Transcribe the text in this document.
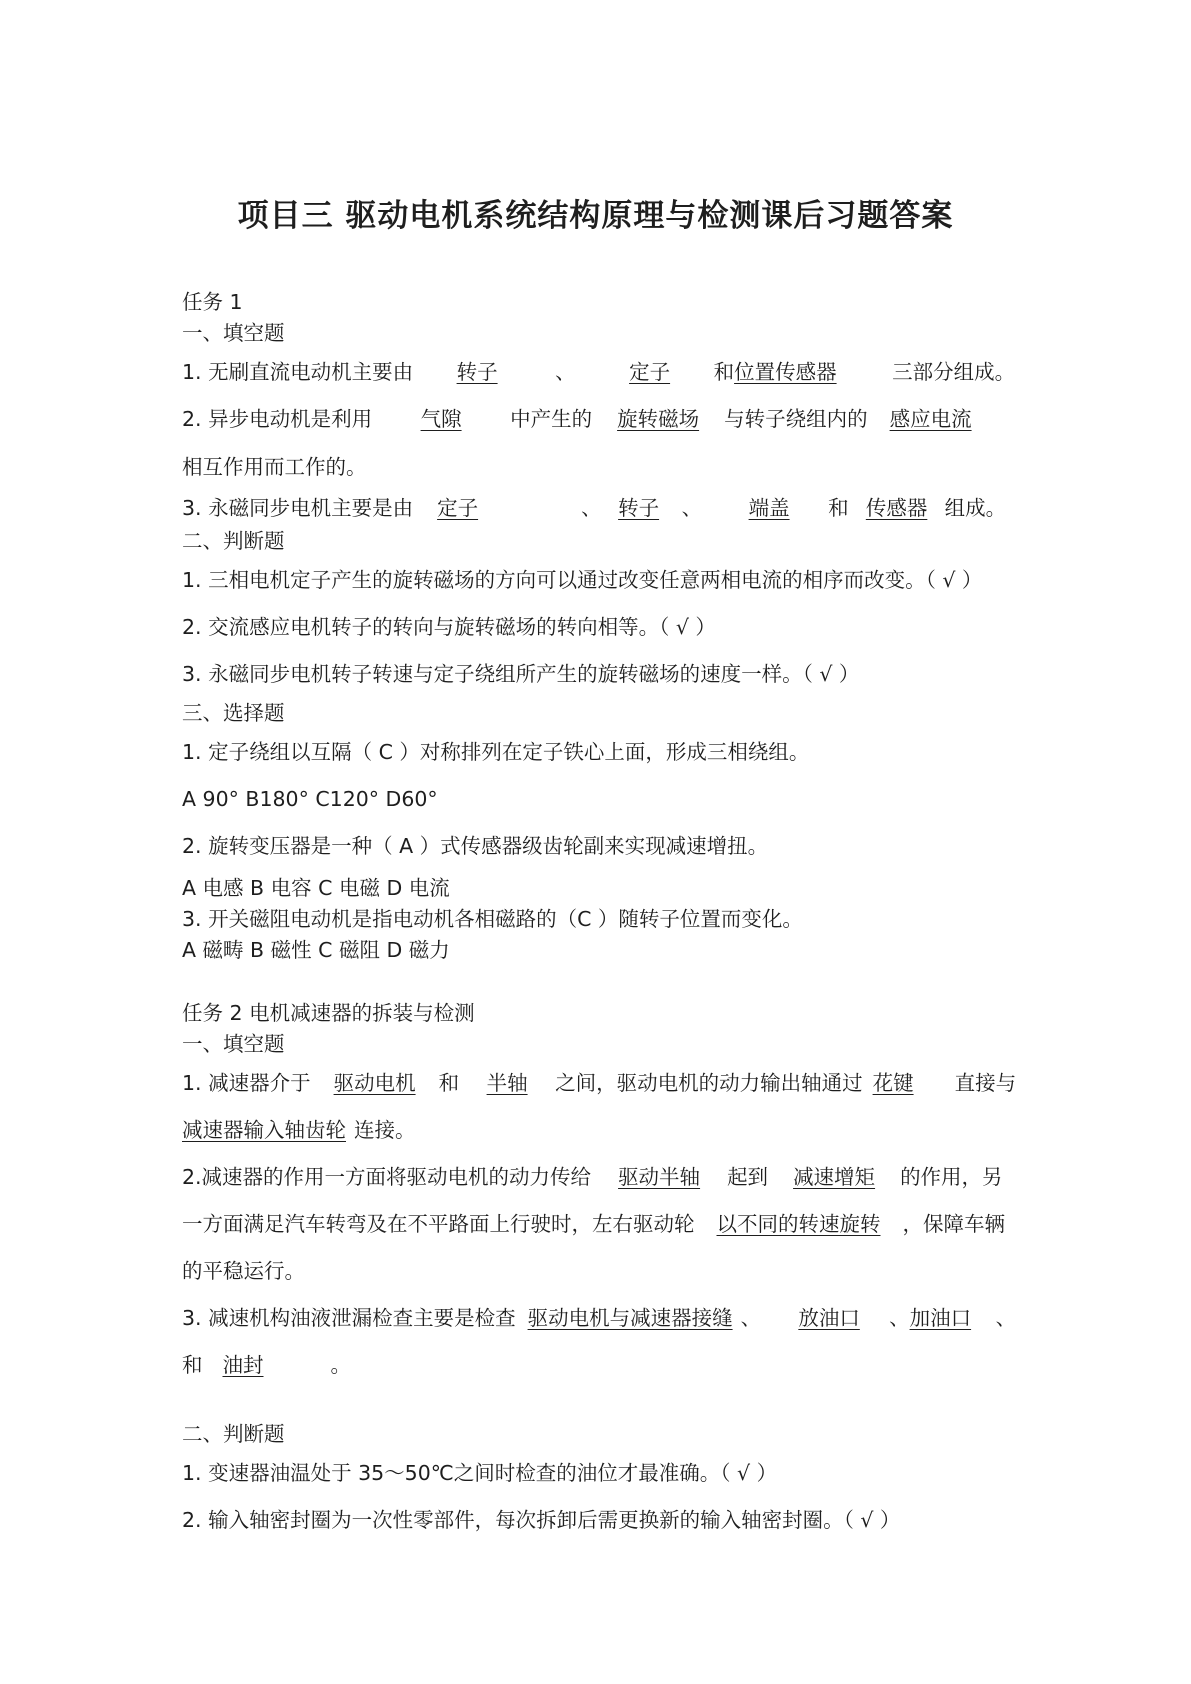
项目三 驱动电机系统结构原理与检测课后习题答案
任务 1
一、填空题
1. 无刷直流电动机主要由 转子	、	定子 和位置传感器	三部分组成。
2. 异步电动机是利用 气隙 中产生的 旋转磁场 与转子绕组内的 感应电流
相互作用而工作的。
3. 永磁同步电机主要是由 定子	、 转子 、 端盖 和 传感器 组成。
二、判断题
1. 三相电机定子产生的旋转磁场的方向可以通过改变任意两相电流的相序而改变。（ √ ）
2. 交流感应电机转子的转向与旋转磁场的转向相等。（ √ ）
3. 永磁同步电机转子转速与定子绕组所产生的旋转磁场的速度一样。（ √ ）
三、选择题
1. 定子绕组以互隔（ C ）对称排列在定子铁心上面，形成三相绕组。
A 90° B180° C120° D60°
2. 旋转变压器是一种（ A ）式传感器级齿轮副来实现减速增扭。
A 电感 B 电容 C 电磁 D 电流
3. 开关磁阻电动机是指电动机各相磁路的（C ）随转子位置而变化。
A 磁畴 B 磁性 C 磁阻 D 磁力
任务 2 电机减速器的拆装与检测
一、填空题
1. 减速器介于 驱动电机 和 半轴 之间，驱动电机的动力输出轴通过 花键 直接与
减速器输入轴齿轮 连接。
2.减速器的作用一方面将驱动电机的动力传给 驱动半轴 起到 减速增矩 的作用，另
一方面满足汽车转弯及在不平路面上行驶时，左右驱动轮 以不同的转速旋转 ，保障车辆
的平稳运行。
3. 减速机构油液泄漏检查主要是检查 驱动电机与减速器接缝 、 放油口 、加油口 、
和 油封	。
二、判断题
1. 变速器油温处于 35～50℃之间时检查的油位才最准确。（ √ ）
2. 输入轴密封圈为一次性零部件，每次拆卸后需更换新的输入轴密封圈。（ √ ）
